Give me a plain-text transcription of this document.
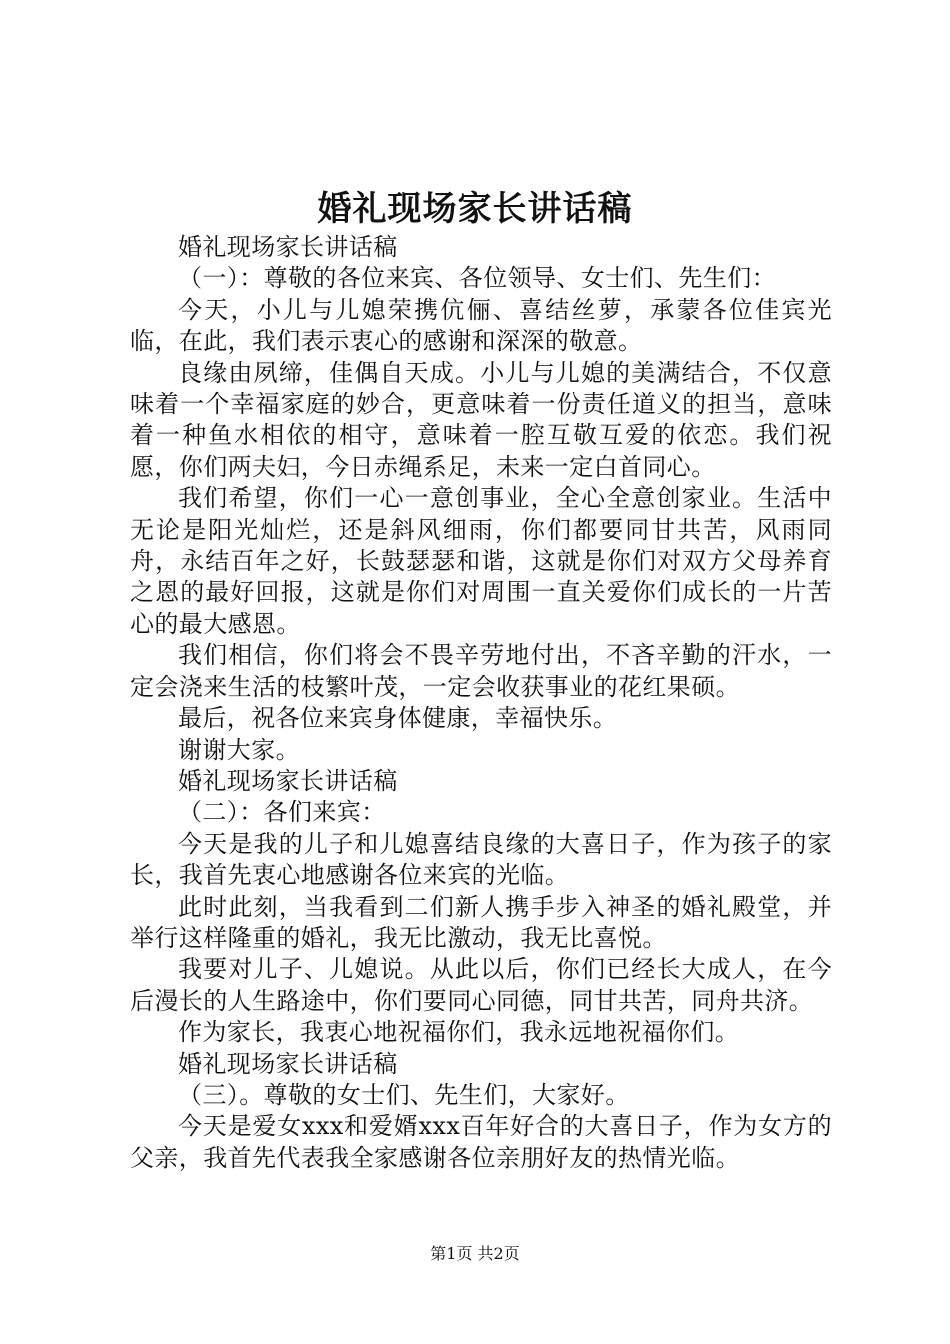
婚礼现场家长讲话稿

婚礼现场家长讲话稿

（一）：尊敬的各位来宾、各位领导、女士们、先生们：

今天，小儿与儿媳荣携伉俪、喜结丝萝，承蒙各位佳宾光临，在此，我们表示衷心的感谢和深深的敬意。

良缘由夙缔，佳偶自天成。小儿与儿媳的美满结合，不仅意味着一个幸福家庭的妙合，更意味着一份责任道义的担当，意味着一种鱼水相依的相守，意味着一腔互敬互爱的依恋。我们祝愿，你们两夫妇，今日赤绳系足，未来一定白首同心。

我们希望，你们一心一意创事业，全心全意创家业。生活中无论是阳光灿烂，还是斜风细雨，你们都要同甘共苦，风雨同舟，永结百年之好，长鼓瑟瑟和谐，这就是你们对双方父母养育之恩的最好回报，这就是你们对周围一直关爱你们成长的一片苦心的最大感恩。

我们相信，你们将会不畏辛劳地付出，不吝辛勤的汗水，一定会浇来生活的枝繁叶茂，一定会收获事业的花红果硕。

最后，祝各位来宾身体健康，幸福快乐。

谢谢大家。

婚礼现场家长讲话稿

（二）：各们来宾：

今天是我的儿子和儿媳喜结良缘的大喜日子，作为孩子的家长，我首先衷心地感谢各位来宾的光临。

此时此刻，当我看到二们新人携手步入神圣的婚礼殿堂，并举行这样隆重的婚礼，我无比激动，我无比喜悦。

我要对儿子、儿媳说。从此以后，你们已经长大成人，在今后漫长的人生路途中，你们要同心同德，同甘共苦，同舟共济。

作为家长，我衷心地祝福你们，我永远地祝福你们。

婚礼现场家长讲话稿

（三）。尊敬的女士们、先生们，大家好。

今天是爱女xxx和爱婿xxx百年好合的大喜日子，作为女方的父亲，我首先代表我全家感谢各位亲朋好友的热情光临。

第1页 共2页
